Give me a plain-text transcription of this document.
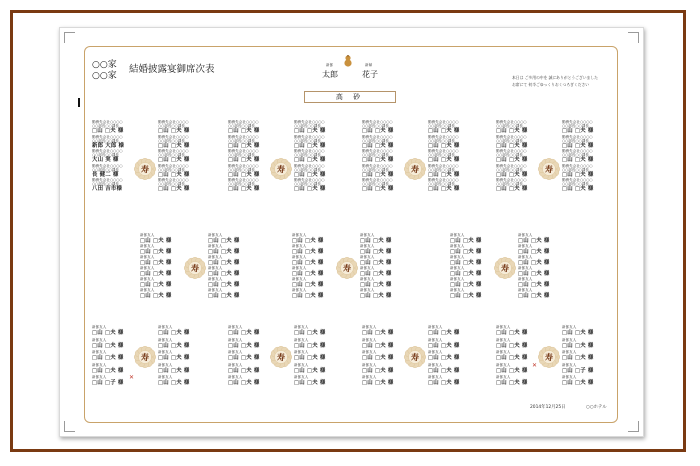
○○家
○○家
結婚披露宴御席次表	新郎
太郎
新婦
花子	本日は ご多用の中を 誠にありがとうございました
お席にて 何卒ごゆっくりおくつろぎください
高 砂
勤務先会社○○○○
○○部長○○課長
□山 □夫 様
勤務先会社○○○○
○○部長○○課長
□山 □夫 様
勤務先会社○○○○
○○部長○○課長
新郎 大郎 様
勤務先会社○○○○
○○部長○○課長
□山 □夫 様
勤務先会社○○○○
○○部長○○課長
大山 実 様
勤務先会社○○○○
○○部長○○課長
□山 □夫 様
勤務先会社○○○○
○○部長○○課長
長 健二 様
勤務先会社○○○○
○○部長○○課長
□山 □夫 様
勤務先会社○○○○
○○部長○○課長
八田 吉市様
勤務先会社○○○○
○○部長○○課長
□山 □夫 様
寿
勤務先会社○○○○
○○部長○○課長
□山 □夫 様
勤務先会社○○○○
○○部長○○課長
□山 □夫 様
勤務先会社○○○○
○○部長○○課長
□山 □夫 様
勤務先会社○○○○
○○部長○○課長
□山 □夫 様
勤務先会社○○○○
○○部長○○課長
□山 □夫 様
勤務先会社○○○○
○○部長○○課長
□山 □夫 様
勤務先会社○○○○
○○部長○○課長
□山 □夫 様
勤務先会社○○○○
○○部長○○課長
□山 □夫 様
勤務先会社○○○○
○○部長○○課長
□山 □夫 様
勤務先会社○○○○
○○部長○○課長
□山 □夫 様
寿
勤務先会社○○○○
○○部長○○課長
□山 □夫 様
勤務先会社○○○○
○○部長○○課長
□山 □夫 様
勤務先会社○○○○
○○部長○○課長
□山 □夫 様
勤務先会社○○○○
○○部長○○課長
□山 □夫 様
勤務先会社○○○○
○○部長○○課長
□山 □夫 様
勤務先会社○○○○
○○部長○○課長
□山 □夫 様
勤務先会社○○○○
○○部長○○課長
□山 □夫 様
勤務先会社○○○○
○○部長○○課長
□山 □夫 様
勤務先会社○○○○
○○部長○○課長
□山 □夫 様
勤務先会社○○○○
○○部長○○課長
□山 □夫 様
寿
勤務先会社○○○○
○○部長○○課長
□山 □夫 様
勤務先会社○○○○
○○部長○○課長
□山 □夫 様
勤務先会社○○○○
○○部長○○課長
□山 □夫 様
勤務先会社○○○○
○○部長○○課長
□山 □夫 様
勤務先会社○○○○
○○部長○○課長
□山 □夫 様
勤務先会社○○○○
○○部長○○課長
□山 □夫 様
勤務先会社○○○○
○○部長○○課長
□山 □夫 様
勤務先会社○○○○
○○部長○○課長
□山 □夫 様
勤務先会社○○○○
○○部長○○課長
□山 □夫 様
勤務先会社○○○○
○○部長○○課長
□山 □夫 様
寿
新郎友人
□山 □夫 様
新郎友人
□山 □夫 様
新郎友人
□山 □夫 様
新郎友人
□山 □夫 様
新郎友人
□山 □夫 様
新郎友人
□山 □夫 様
新郎友人
□山 □夫 様
新郎友人
□山 □夫 様
新郎友人
□山 □夫 様
新郎友人
□山 □夫 様
新郎友人
□山 □夫 様
新郎友人
□山 □夫 様
寿
新郎友人
□山 □夫 様
新郎友人
□山 □夫 様
新郎友人
□山 □夫 様
新郎友人
□山 □夫 様
新郎友人
□山 □夫 様
新郎友人
□山 □夫 様
新郎友人
□山 □夫 様
新郎友人
□山 □夫 様
新郎友人
□山 □夫 様
新郎友人
□山 □夫 様
新郎友人
□山 □夫 様
新郎友人
□山 □夫 様
寿
新郎友人
□山 □夫 様
新郎友人
□山 □夫 様
新郎友人
□山 □夫 様
新郎友人
□山 □夫 様
新郎友人
□山 □夫 様
新郎友人
□山 □夫 様
新郎友人
□山 □夫 様
新郎友人
□山 □夫 様
新郎友人
□山 □夫 様
新郎友人
□山 □夫 様
新郎友人
□山 □夫 様
新郎友人
□山 □夫 様
寿
新郎友人
□山 □夫 様
新郎友人
□山 □夫 様
新郎友人
□山 □夫 様
新郎友人
□山 □夫 様
新郎友人
□山 □夫 様
新郎友人
□山 □夫 様
新郎友人
□山 □夫 様
新郎友人
□山 □夫 様
新郎友人
□山 □子 様
新郎友人
□山 □夫 様
寿
新郎友人
□山 □夫 様
新郎友人
□山 □夫 様
新郎友人
□山 □夫 様
新郎友人
□山 □夫 様
新郎友人
□山 □夫 様
新郎友人
□山 □夫 様
新郎友人
□山 □夫 様
新郎友人
□山 □夫 様
新郎友人
□山 □夫 様
新郎友人
□山 □夫 様
寿
新郎友人
□山 □夫 様
新郎友人
□山 □夫 様
新郎友人
□山 □夫 様
新郎友人
□山 □夫 様
新郎友人
□山 □夫 様
新郎友人
□山 □夫 様
新郎友人
□山 □夫 様
新郎友人
□山 □夫 様
新郎友人
□山 □夫 様
新郎友人
□山 □夫 様
寿
新郎友人
□山 □夫 様
新郎友人
□山 □夫 様
新郎友人
□山 □夫 様
新郎友人
□山 □夫 様
新郎友人
□山 □夫 様
新郎友人
□山 □夫 様
新郎友人
□山 □夫 様
新郎友人
□山 □子 様
新郎友人
□山 □夫 様
新郎友人
□山 □夫 様
寿
✕
✕
2014年12月25日	○○ホテル
